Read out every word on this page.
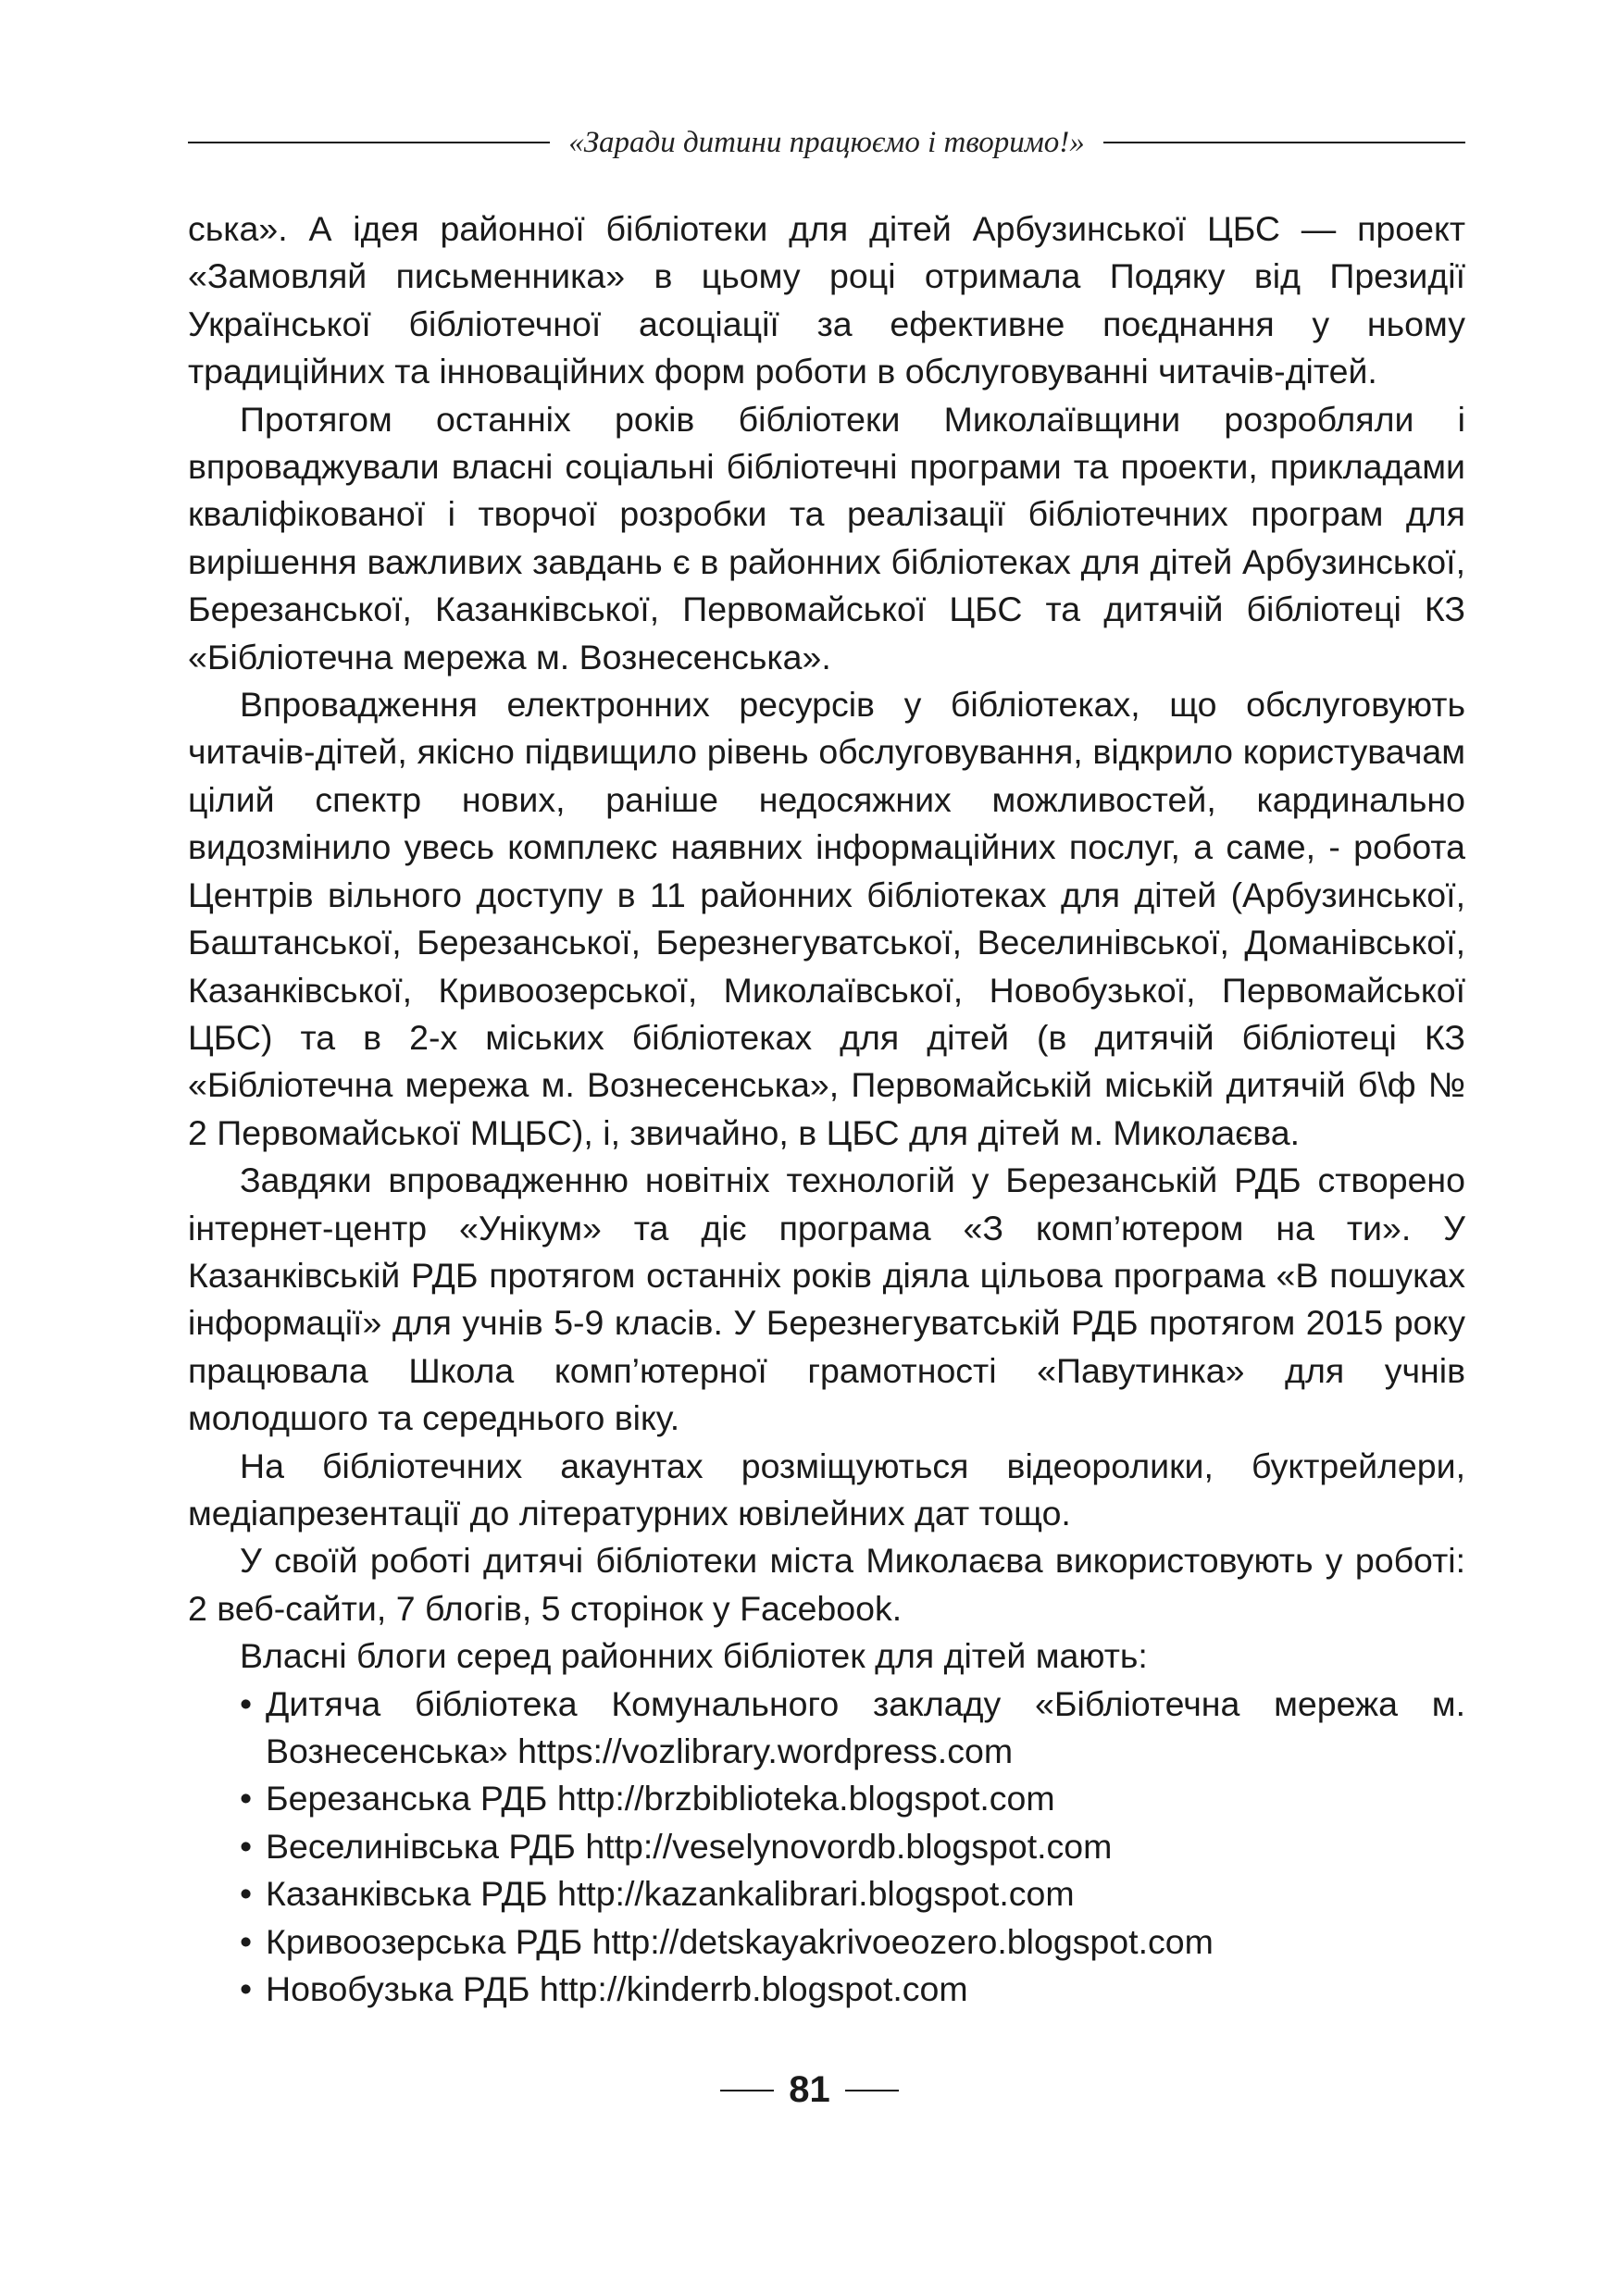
«Заради дитини працюємо і творимо!»

ська». А ідея районної бібліотеки для дітей Арбузинської ЦБС — проект «Замовляй письменника» в цьому році отримала Подяку від Президії Української бібліотечної асоціації за ефективне поєднання у ньому традиційних та інноваційних форм роботи в обслуговуванні читачів-дітей.

Протягом останніх років бібліотеки Миколаївщини розробляли і впроваджували власні соціальні бібліотечні програми та проекти, прикладами кваліфікованої і творчої розробки та реалізації бібліотечних програм для вирішення важливих завдань є в районних бібліотеках для дітей Арбузинської, Березанської, Казанківської, Первомайської ЦБС та дитячій бібліотеці КЗ «Бібліотечна мережа м. Вознесенська».

Впровадження електронних ресурсів у бібліотеках, що обслуговують читачів-дітей, якісно підвищило рівень обслуговування, відкрило користувачам цілий спектр нових, раніше недосяжних можливостей, кардинально видозмінило увесь комплекс наявних інформаційних послуг, а саме, - робота Центрів вільного доступу в 11 районних бібліотеках для дітей (Арбузинської, Баштанської, Березанської, Березнегуватської, Веселинівської, Доманівської, Казанківської, Кривоозерської, Миколаївської, Новобузької, Первомайської ЦБС) та в 2-х міських бібліотеках для дітей (в дитячій бібліотеці КЗ «Бібліотечна мережа м. Вознесенська», Первомайській міській дитячій б\ф № 2 Первомайської МЦБС), і, звичайно, в ЦБС для дітей м. Миколаєва.

Завдяки впровадженню новітніх технологій у Березанській РДБ створено інтернет-центр «Унікум» та діє програма «З комп’ютером на ти». У Казанківській РДБ протягом останніх років діяла цільова програма «В пошуках інформації» для учнів 5-9 класів. У Березнегуватській РДБ протягом 2015 року працювала Школа комп’ютерної грамотності «Павутинка» для учнів молодшого та середнього віку.

На бібліотечних акаунтах розміщуються відеоролики, буктрейлери, медіапрезентації до літературних ювілейних дат тощо.

У своїй роботі дитячі бібліотеки міста Миколаєва використовують у роботі: 2 веб-сайти, 7 блогів, 5 сторінок у Facebook.

Власні блоги серед районних бібліотек для дітей мають:

• Дитяча бібліотека Комунального закладу «Бібліотечна мережа м. Вознесенська» https://vozlibrary.wordpress.com
• Березанська РДБ http://brzbiblioteka.blogspot.com
• Веселинівська РДБ http://veselynovordb.blogspot.com
• Казанківська РДБ http://kazankalibrari.blogspot.com
• Кривоозерська РДБ http://detskayakrivoeozero.blogspot.com
• Новобузька РДБ http://kinderrb.blogspot.com
81
